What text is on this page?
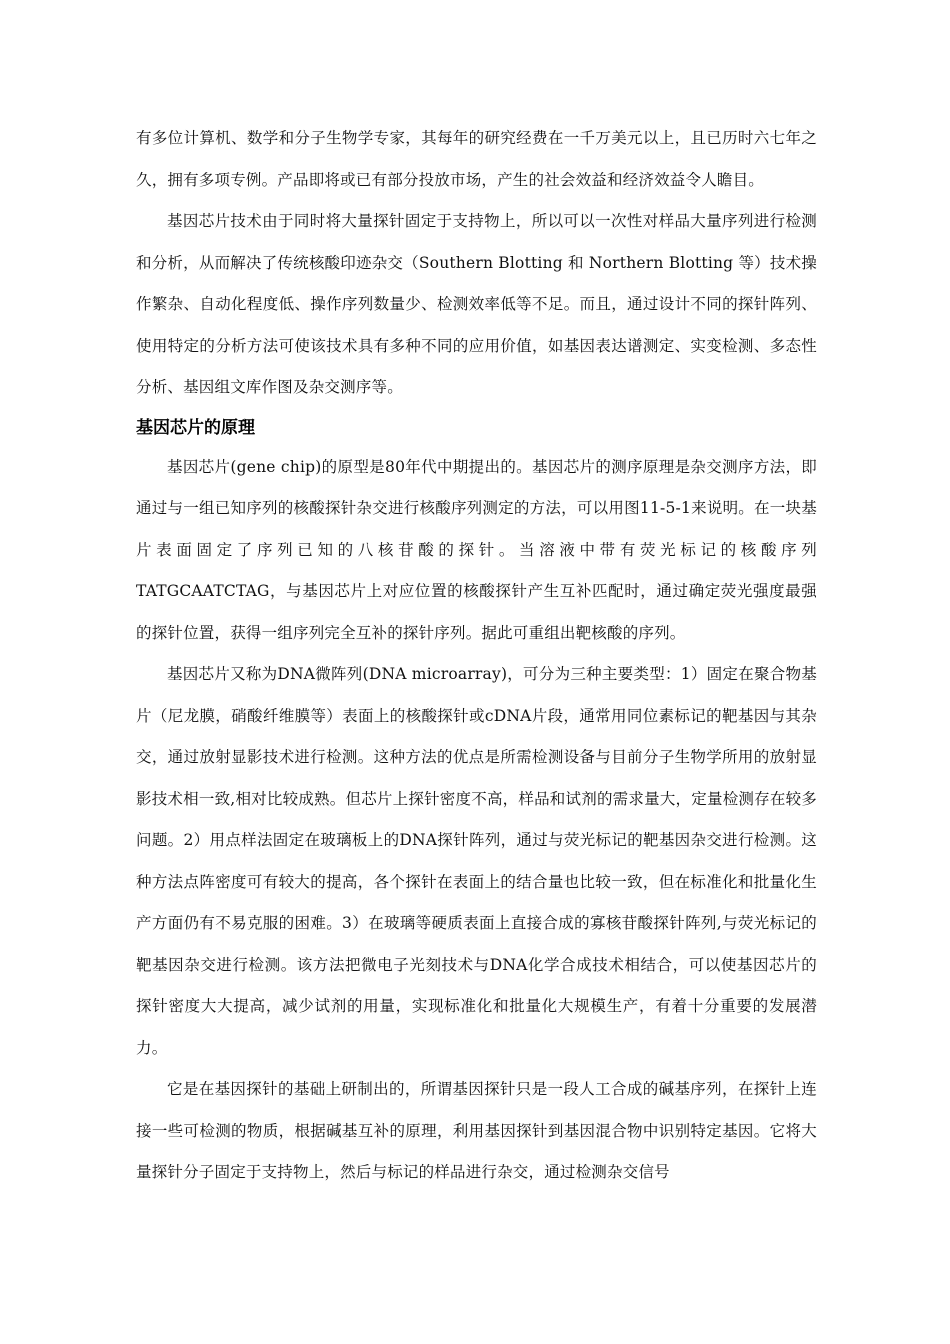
有多位计算机、数学和分子生物学专家，其每年的研究经费在一千万美元以上，且已历时六七年之久，拥有多项专例。产品即将或已有部分投放市场，产生的社会效益和经济效益令人瞻目。

基因芯片技术由于同时将大量探针固定于支持物上，所以可以一次性对样品大量序列进行检测和分析，从而解决了传统核酸印迹杂交（Southern Blotting 和 Northern Blotting 等）技术操作繁杂、自动化程度低、操作序列数量少、检测效率低等不足。而且，通过设计不同的探针阵列、使用特定的分析方法可使该技术具有多种不同的应用价值，如基因表达谱测定、实变检测、多态性分析、基因组文库作图及杂交测序等。

基因芯片的原理

基因芯片(gene chip)的原型是80年代中期提出的。基因芯片的测序原理是杂交测序方法，即通过与一组已知序列的核酸探针杂交进行核酸序列测定的方法，可以用图11-5-1来说明。在一块基片表面固定了序列已知的八核苷酸的探针。当溶液中带有荧光标记的核酸序列TATGCAATCTAG，与基因芯片上对应位置的核酸探针产生互补匹配时，通过确定荧光强度最强的探针位置，获得一组序列完全互补的探针序列。据此可重组出靶核酸的序列。

基因芯片又称为DNA微阵列(DNA microarray)，可分为三种主要类型：1）固定在聚合物基片（尼龙膜，硝酸纤维膜等）表面上的核酸探针或cDNA片段，通常用同位素标记的靶基因与其杂交，通过放射显影技术进行检测。这种方法的优点是所需检测设备与目前分子生物学所用的放射显影技术相一致,相对比较成熟。但芯片上探针密度不高，样品和试剂的需求量大，定量检测存在较多问题。2）用点样法固定在玻璃板上的DNA探针阵列，通过与荧光标记的靶基因杂交进行检测。这种方法点阵密度可有较大的提高，各个探针在表面上的结合量也比较一致，但在标准化和批量化生产方面仍有不易克服的困难。3）在玻璃等硬质表面上直接合成的寡核苷酸探针阵列,与荧光标记的靶基因杂交进行检测。该方法把微电子光刻技术与DNA化学合成技术相结合，可以使基因芯片的探针密度大大提高，减少试剂的用量，实现标准化和批量化大规模生产，有着十分重要的发展潜力。

它是在基因探针的基础上研制出的，所谓基因探针只是一段人工合成的碱基序列，在探针上连接一些可检测的物质，根据碱基互补的原理，利用基因探针到基因混合物中识别特定基因。它将大量探针分子固定于支持物上，然后与标记的样品进行杂交，通过检测杂交信号
